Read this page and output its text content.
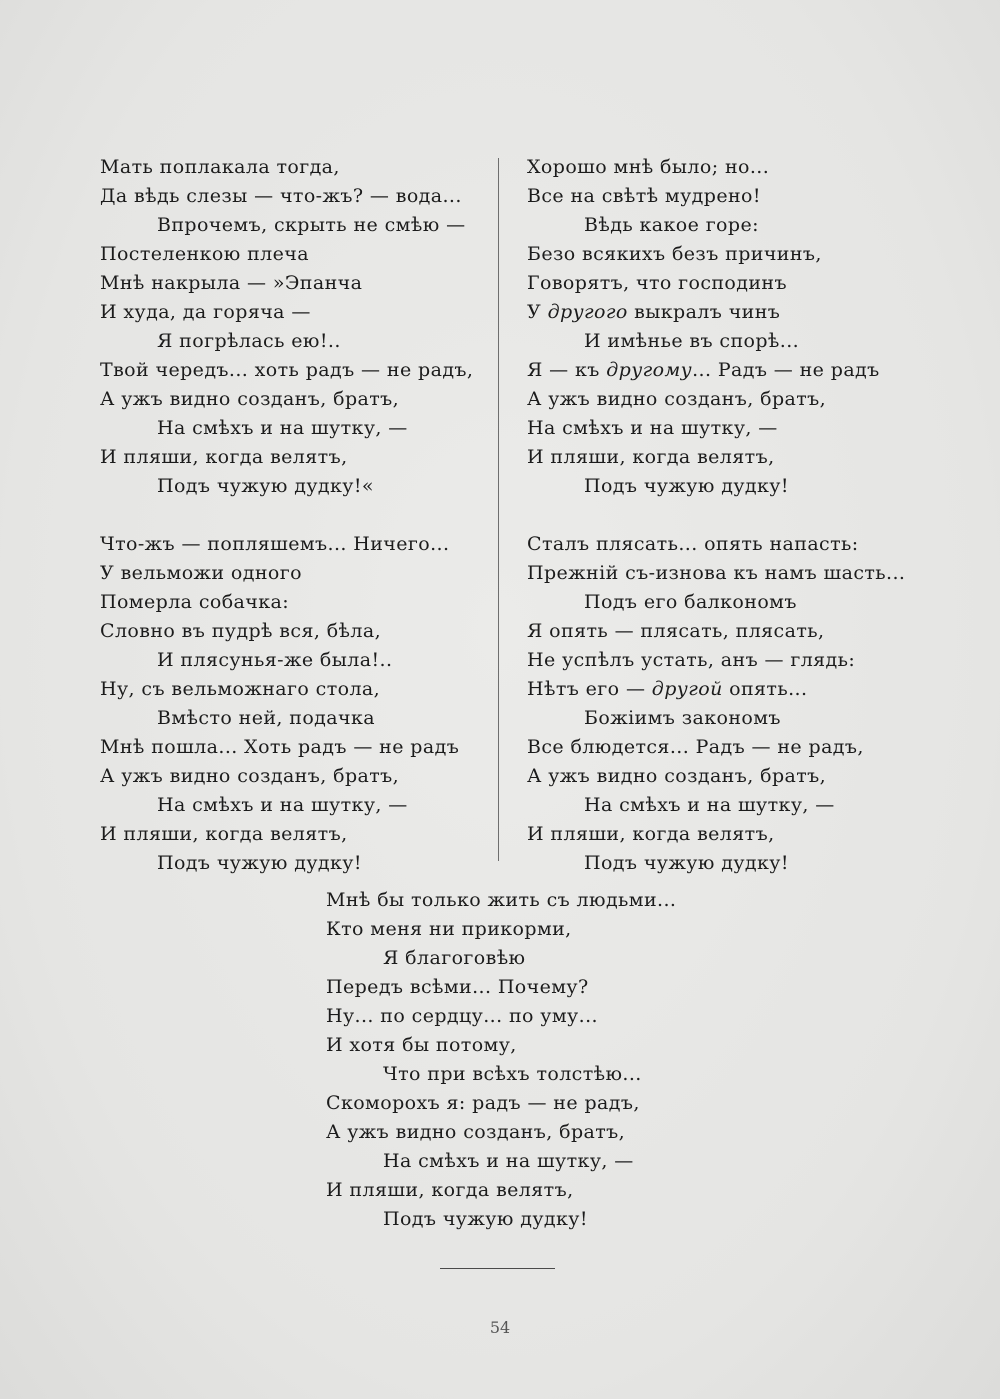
Мать поплакала тогда,
Да вѣдь слезы — что-жъ? — вода...
Впрочемъ, скрыть не смѣю —
Постеленкою плеча
Мнѣ накрыла — »Эпанча
И худа, да горяча —
Я погрѣлась ею!..
Твой чередъ... хоть радъ — не радъ,
А ужъ видно созданъ, братъ,
На смѣхъ и на шутку, —
И пляши, когда велятъ,
Подъ чужую дудку!«
Что-жъ — попляшемъ... Ничего...
У вельможи одного
Померла собачка:
Словно въ пудрѣ вся, бѣла,
И плясунья-же была!..
Ну, съ вельможнаго стола,
Вмѣсто ней, подачка
Мнѣ пошла... Хоть радъ — не радъ
А ужъ видно созданъ, братъ,
На смѣхъ и на шутку, —
И пляши, когда велятъ,
Подъ чужую дудку!
Хорошо мнѣ было; но...
Все на свѣтѣ мудрено!
Вѣдь какое горе:
Безо всякихъ безъ причинъ,
Говорятъ, что господинъ
У другого выкралъ чинъ
И имѣнье въ спорѣ...
Я — къ другому... Радъ — не радъ
А ужъ видно созданъ, братъ,
На смѣхъ и на шутку, —
И пляши, когда велятъ,
Подъ чужую дудку!
Сталъ плясать... опять напасть:
Прежній съ-изнова къ намъ шасть...
Подъ его балкономъ
Я опять — плясать, плясать,
Не успѣлъ устать, анъ — глядь:
Нѣтъ его — другой опять...
Божіимъ закономъ
Все блюдется... Радъ — не радъ,
А ужъ видно созданъ, братъ,
На смѣхъ и на шутку, —
И пляши, когда велятъ,
Подъ чужую дудку!
Мнѣ бы только жить съ людьми...
Кто меня ни прикорми,
Я благоговѣю
Передъ всѣми... Почему?
Ну... по сердцу... по уму...
И хотя бы потому,
Что при всѣхъ толстѣю...
Скоморохъ я: радъ — не радъ,
А ужъ видно созданъ, братъ,
На смѣхъ и на шутку, —
И пляши, когда велятъ,
Подъ чужую дудку!
54
